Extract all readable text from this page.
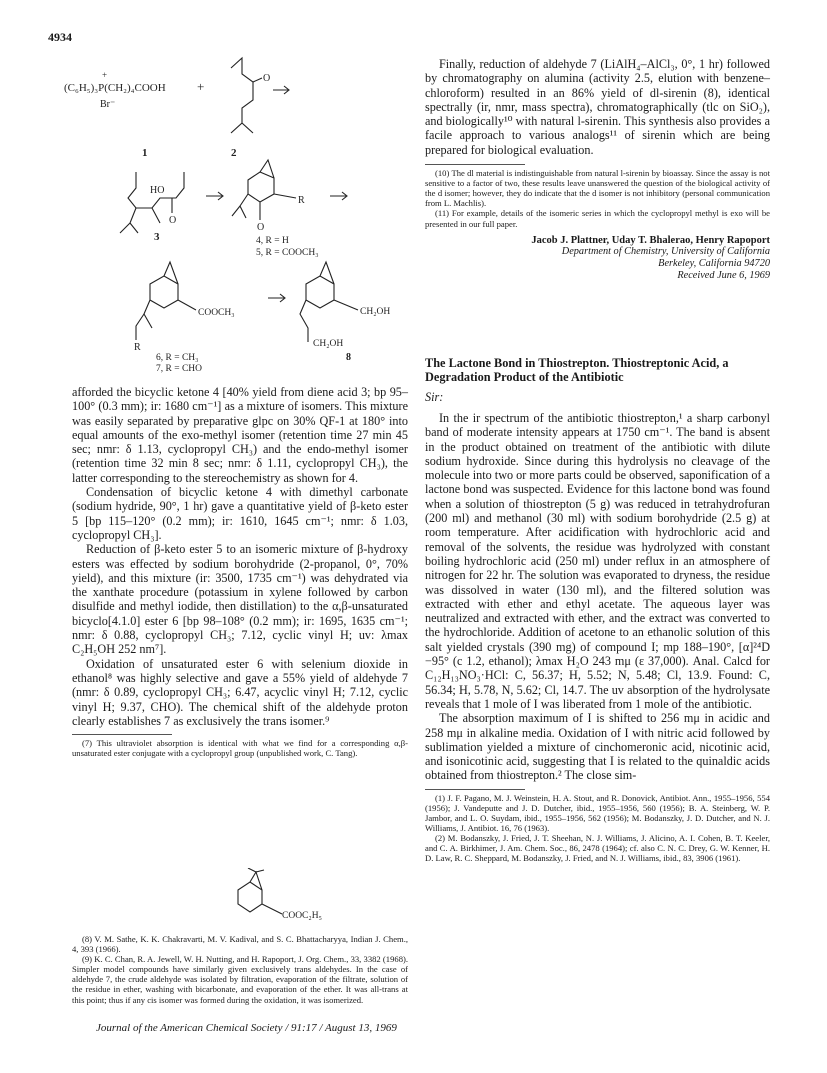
4934
(C₆H₅)₃P(CH₂)₄COOH
+
Br⁻
+
O
1	2
HO
O
3
R
O
4, R = H
5, R = COOCH₃
COOCH₃
R
6, R = CH₃
7, R = CHO
CH₂OH
CH₂OH
8

afforded the bicyclic ketone 4 [40% yield from diene acid 3; bp 95–100° (0.3 mm); ir: 1680 cm⁻¹] as a mixture of isomers. This mixture was easily separated by preparative glpc on 30% QF-1 at 180° into equal amounts of the exo-methyl isomer (retention time 27 min 45 sec; nmr: δ 1.13, cyclopropyl CH₃) and the endo-methyl isomer (retention time 32 min 8 sec; nmr: δ 1.11, cyclopropyl CH₃), the latter corresponding to the stereochemistry as shown for 4.

Condensation of bicyclic ketone 4 with dimethyl carbonate (sodium hydride, 90°, 1 hr) gave a quantitative yield of β-keto ester 5 [bp 115–120° (0.2 mm); ir: 1610, 1645 cm⁻¹; nmr: δ 1.03, cyclopropyl CH₃].

Reduction of β-keto ester 5 to an isomeric mixture of β-hydroxy esters was effected by sodium borohydride (2-propanol, 0°, 70% yield), and this mixture (ir: 3500, 1735 cm⁻¹) was dehydrated via the xanthate procedure (potassium in xylene followed by carbon disulfide and methyl iodide, then distillation) to the α,β-unsaturated bicyclo[4.1.0] ester 6 [bp 98–108° (0.2 mm); ir: 1695, 1635 cm⁻¹; nmr: δ 0.88, cyclopropyl CH₃; 7.12, cyclic vinyl H; uv: λmax C₂H₅OH 252 nm⁷].

Oxidation of unsaturated ester 6 with selenium dioxide in ethanol⁸ was highly selective and gave a 55% yield of aldehyde 7 (nmr: δ 0.89, cyclopropyl CH₃; 6.47, acyclic vinyl H; 7.12, cyclic vinyl H; 9.37, CHO). The chemical shift of the aldehyde proton clearly establishes 7 as exclusively the trans isomer.⁹

(7) This ultraviolet absorption is identical with what we find for a corresponding α,β-unsaturated ester conjugate with a cyclopropyl group (unpublished work, C. Tang).

COOC₂H₅

(8) V. M. Sathe, K. K. Chakravarti, M. V. Kadival, and S. C. Bhattacharyya, Indian J. Chem., 4, 393 (1966).

(9) K. C. Chan, R. A. Jewell, W. H. Nutting, and H. Rapoport, J. Org. Chem., 33, 3382 (1968). Simpler model compounds have similarly given exclusively trans aldehydes. In the case of aldehyde 7, the crude aldehyde was isolated by filtration, evaporation of the filtrate, solution of the residue in ether, washing with bicarbonate, and evaporation of the ether. It was all-trans at this point; thus if any cis isomer was formed during the oxidation, it was isomerized.

Finally, reduction of aldehyde 7 (LiAlH₄–AlCl₃, 0°, 1 hr) followed by chromatography on alumina (activity 2.5, elution with benzene–chloroform) resulted in an 86% yield of dl-sirenin (8), identical spectrally (ir, nmr, mass spectra), chromatographically (tlc on SiO₂), and biologically¹⁰ with natural l-sirenin. This synthesis also provides a facile approach to various analogs¹¹ of sirenin which are being prepared for biological evaluation.

(10) The dl material is indistinguishable from natural l-sirenin by bioassay. Since the assay is not sensitive to a factor of two, these results leave unanswered the question of the biological activity of the d isomer; however, they do indicate that the d isomer is not inhibitory (personal communication from L. Machlis).

(11) For example, details of the isomeric series in which the cyclopropyl methyl is exo will be presented in our full paper.

Jacob J. Plattner, Uday T. Bhalerao, Henry Rapoport

Department of Chemistry, University of California

Berkeley, California 94720

Received June 6, 1969

The Lactone Bond in Thiostrepton. Thiostreptonic Acid, a Degradation Product of the Antibiotic

Sir:

In the ir spectrum of the antibiotic thiostrepton,¹ a sharp carbonyl band of moderate intensity appears at 1750 cm⁻¹. The band is absent in the product obtained on treatment of the antibiotic with dilute sodium hydroxide. Since during this hydrolysis no cleavage of the molecule into two or more parts could be observed, saponification of a lactone bond was suspected. Evidence for this lactone bond was found when a solution of thiostrepton (5 g) was reduced in tetrahydrofuran (200 ml) and methanol (30 ml) with sodium borohydride (2.5 g) at room temperature. After acidification with hydrochloric acid and removal of the solvents, the residue was hydrolyzed with constant boiling hydrochloric acid (250 ml) under reflux in an atmosphere of nitrogen for 22 hr. The solution was evaporated to dryness, the residue was dissolved in water (130 ml), and the filtered solution was extracted with ether and ethyl acetate. The aqueous layer was neutralized and extracted with ether, and the extract was converted to the hydrochloride. Addition of acetone to an ethanolic solution of this salt yielded crystals (390 mg) of compound I; mp 188–190°, [α]²⁴D −95° (c 1.2, ethanol); λmax H₂O 243 mμ (ε 37,000). Anal. Calcd for C₁₂H₁₃NO₃·HCl: C, 56.37; H, 5.52; N, 5.48; Cl, 13.9. Found: C, 56.34; H, 5.78, N, 5.62; Cl, 14.7. The uv absorption of the hydrolysate reveals that 1 mole of I was liberated from 1 mole of the antibiotic.

The absorption maximum of I is shifted to 256 mμ in acidic and 258 mμ in alkaline media. Oxidation of I with nitric acid followed by sublimation yielded a mixture of cinchomeronic acid, nicotinic acid, and isonicotinic acid, suggesting that I is related to the quinaldic acids obtained from thiostrepton.² The close sim-

(1) J. F. Pagano, M. J. Weinstein, H. A. Stout, and R. Donovick, Antibiot. Ann., 1955–1956, 554 (1956); J. Vandeputte and J. D. Dutcher, ibid., 1955–1956, 560 (1956); B. A. Steinberg, W. P. Jambor, and L. O. Suydam, ibid., 1955–1956, 562 (1956); M. Bodanszky, J. D. Dutcher, and N. J. Williams, J. Antibiot. 16, 76 (1963).

(2) M. Bodanszky, J. Fried, J. T. Sheehan, N. J. Williams, J. Alicino, A. I. Cohen, B. T. Keeler, and C. A. Birkhimer, J. Am. Chem. Soc., 86, 2478 (1964); cf. also C. N. C. Drey, G. W. Kenner, H. D. Law, R. C. Sheppard, M. Bodanszky, J. Fried, and N. J. Williams, ibid., 83, 3906 (1961).

Journal of the American Chemical Society / 91:17 / August 13, 1969
